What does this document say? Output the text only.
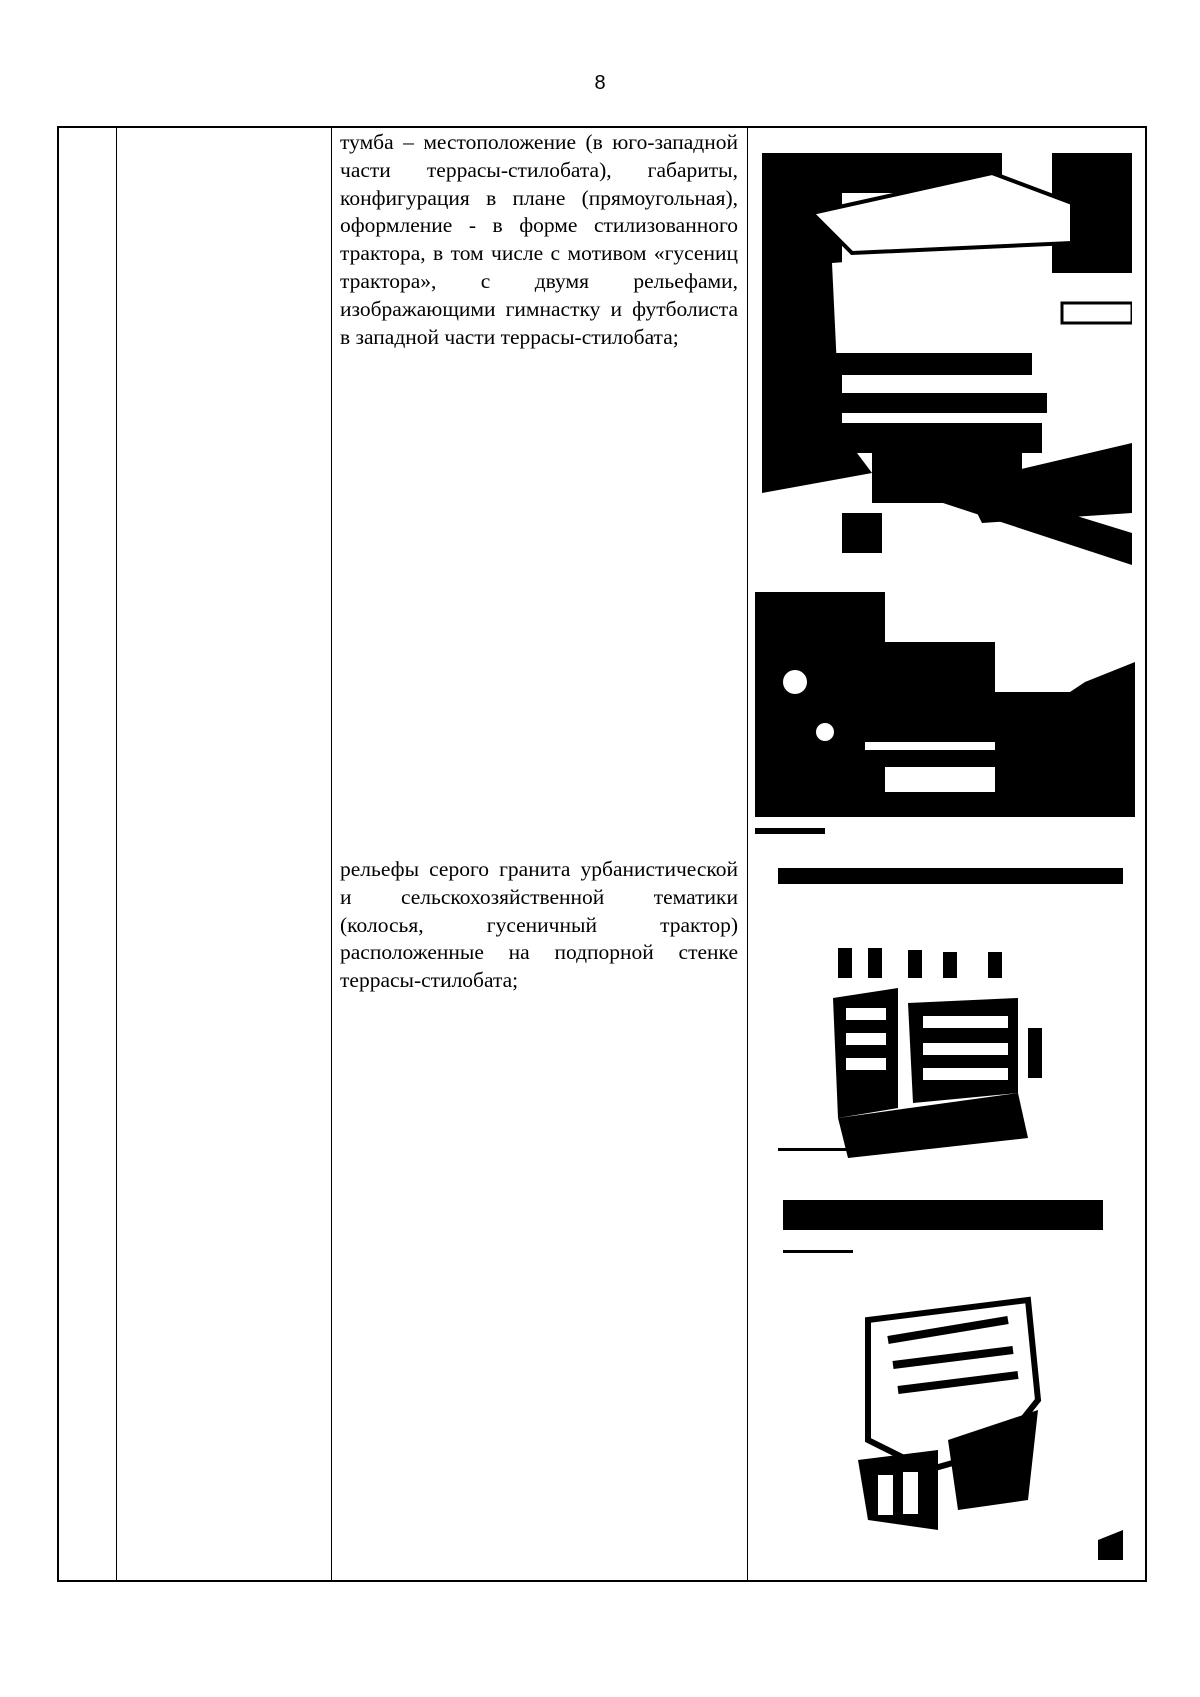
8
тумба – местоположение (в юго-западной части террасы-стилобата), габариты, конфигурация в плане (прямоугольная), оформление - в форме стилизованного трактора, в том числе с мотивом «гусениц трактора», с двумя рельефами, изображающими гимнастку и футболиста в западной части террасы-стилобата;
рельефы серого гранита урбанистической и сельскохозяйственной тематики (колосья, гусеничный трактор) расположенные на подпорной стенке террасы-стилобата;
